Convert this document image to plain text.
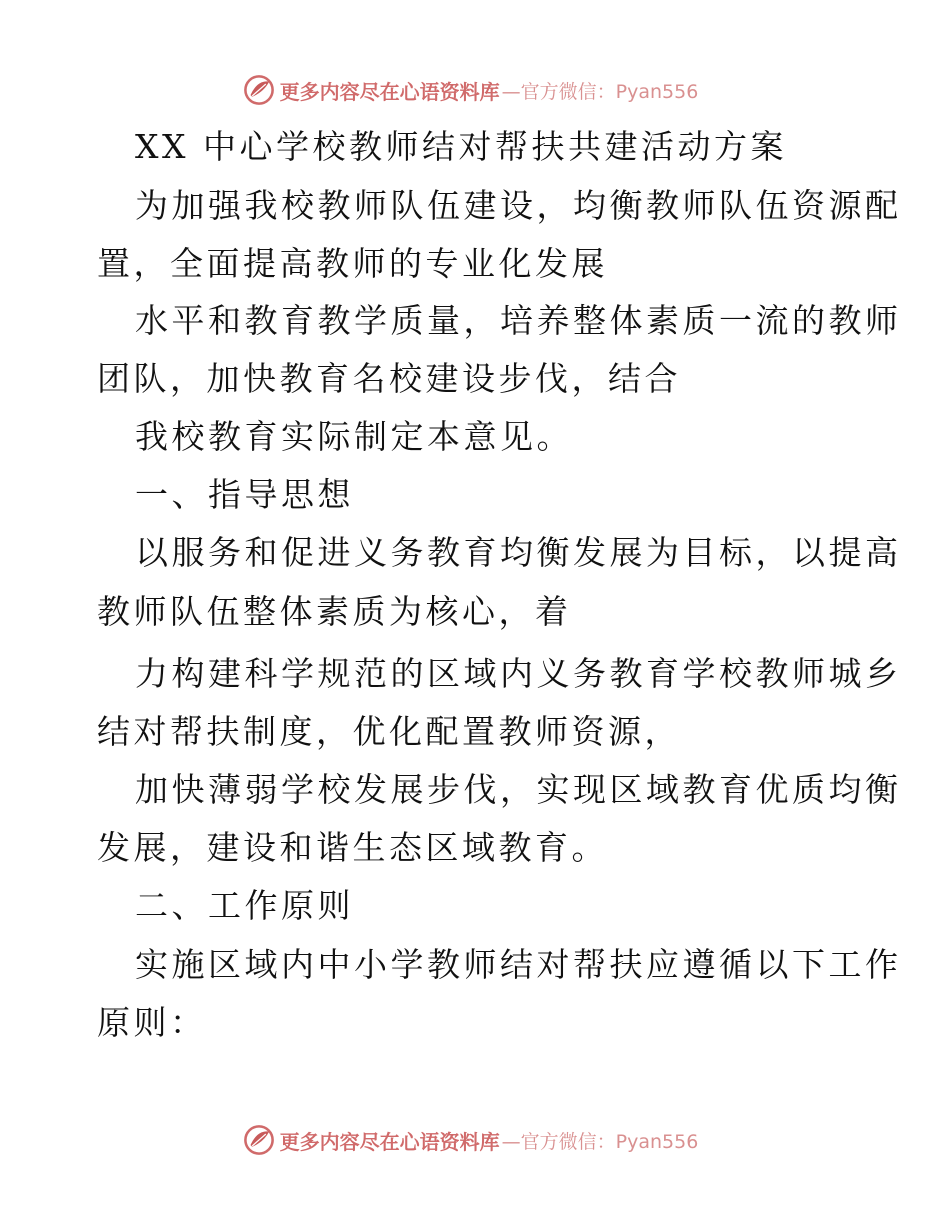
更多内容尽在心语资料库 —官方微信：Pyan556
XX 中心学校教师结对帮扶共建活动方案
为加强我校教师队伍建设，均衡教师队伍资源配
置，全面提高教师的专业化发展
水平和教育教学质量，培养整体素质一流的教师
团队，加快教育名校建设步伐，结合
我校教育实际制定本意见。
一、指导思想
以服务和促进义务教育均衡发展为目标，以提高
教师队伍整体素质为核心，着
力构建科学规范的区域内义务教育学校教师城乡
结对帮扶制度，优化配置教师资源，
加快薄弱学校发展步伐，实现区域教育优质均衡
发展，建设和谐生态区域教育。
二、工作原则
实施区域内中小学教师结对帮扶应遵循以下工作
原则：
更多内容尽在心语资料库 —官方微信：Pyan556
